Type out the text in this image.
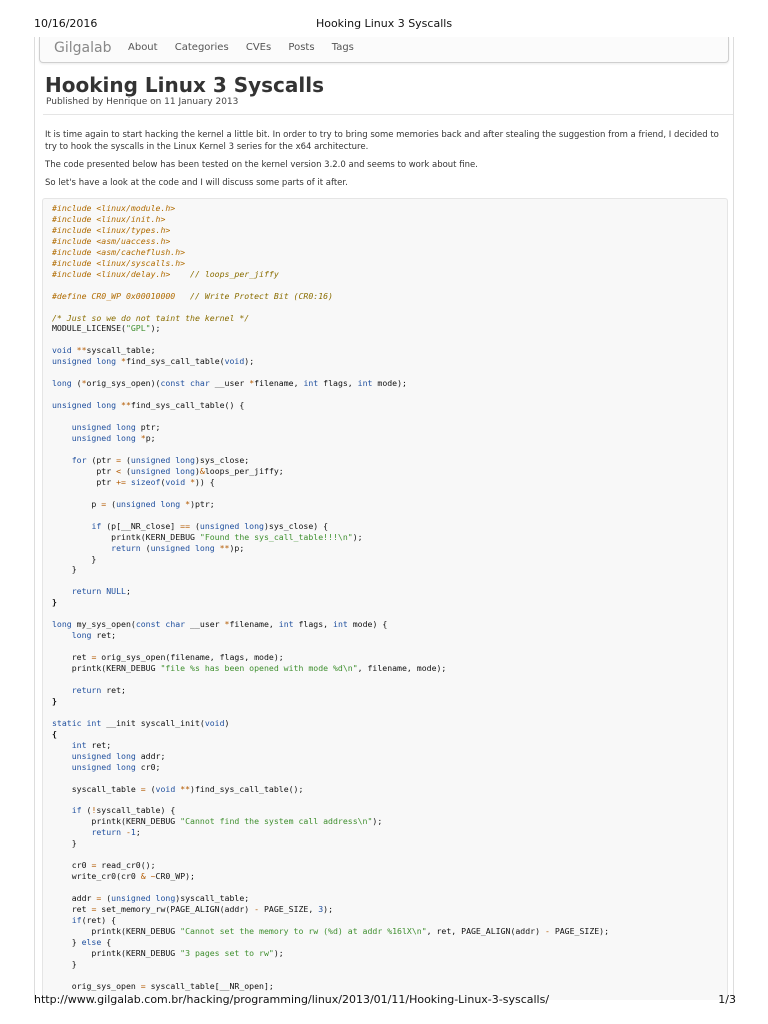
10/16/2016	Hooking Linux 3 Syscalls
Gilgalab About Categories CVEs Posts Tags
Hooking Linux 3 Syscalls
Published by Henrique on 11 January 2013

It is time again to start hacking the kernel a little bit. In order to try to bring some memories back and after stealing the suggestion from a friend, I decided to try to hook the syscalls in the Linux Kernel 3 series for the x64 architecture.

The code presented below has been tested on the kernel version 3.2.0 and seems to work about fine.

So let's have a look at the code and I will discuss some parts of it after.

#include <linux/module.h>
#include <linux/init.h>
#include <linux/types.h>
#include <asm/uaccess.h>
#include <asm/cacheflush.h>
#include <linux/syscalls.h>
#include <linux/delay.h>    // loops_per_jiffy

#define CR0_WP 0x00010000   // Write Protect Bit (CR0:16)

/* Just so we do not taint the kernel */
MODULE_LICENSE("GPL");

void **syscall_table;
unsigned long *find_sys_call_table(void);

long (*orig_sys_open)(const char __user *filename, int flags, int mode);

unsigned long **find_sys_call_table() {

unsigned long ptr;
unsigned long *p;

for (ptr = (unsigned long)sys_close;
ptr < (unsigned long)&loops_per_jiffy;
ptr += sizeof(void *)) {

p = (unsigned long *)ptr;

if (p[__NR_close] == (unsigned long)sys_close) {
printk(KERN_DEBUG "Found the sys_call_table!!!\n");
return (unsigned long **)p;
}
}

return NULL;
}

long my_sys_open(const char __user *filename, int flags, int mode) {
long ret;

ret = orig_sys_open(filename, flags, mode);
printk(KERN_DEBUG "file %s has been opened with mode %d\n", filename, mode);

return ret;
}

static int __init syscall_init(void)
{
int ret;
unsigned long addr;
unsigned long cr0;

syscall_table = (void **)find_sys_call_table();

if (!syscall_table) {
printk(KERN_DEBUG "Cannot find the system call address\n");
return -1;
}

cr0 = read_cr0();
write_cr0(cr0 & ~CR0_WP);

addr = (unsigned long)syscall_table;
ret = set_memory_rw(PAGE_ALIGN(addr) - PAGE_SIZE, 3);
if(ret) {
printk(KERN_DEBUG "Cannot set the memory to rw (%d) at addr %16lX\n", ret, PAGE_ALIGN(addr) - PAGE_SIZE);
} else {
printk(KERN_DEBUG "3 pages set to rw");
}

orig_sys_open = syscall_table[__NR_open];

http://www.gilgalab.com.br/hacking/programming/linux/2013/01/11/Hooking-Linux-3-syscalls/	1/3
